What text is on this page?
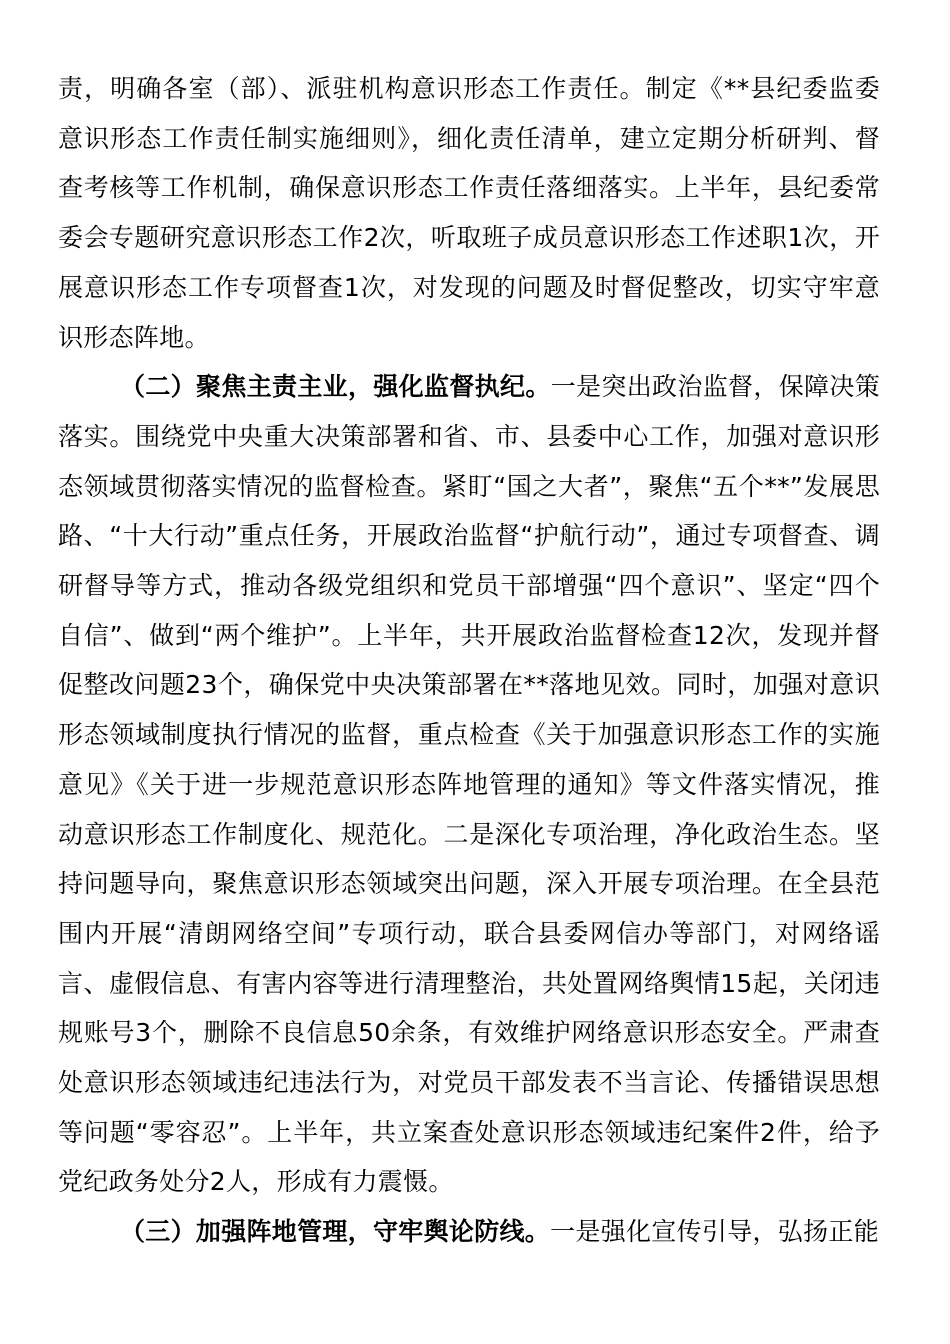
责，明确各室（部）、派驻机构意识形态工作责任。制定《**县纪委监委意识形态工作责任制实施细则》，细化责任清单，建立定期分析研判、督查考核等工作机制，确保意识形态工作责任落细落实。上半年，县纪委常委会专题研究意识形态工作2次，听取班子成员意识形态工作述职1次，开展意识形态工作专项督查1次，对发现的问题及时督促整改，切实守牢意识形态阵地。

（二）聚焦主责主业，强化监督执纪。一是突出政治监督，保障决策落实。围绕党中央重大决策部署和省、市、县委中心工作，加强对意识形态领域贯彻落实情况的监督检查。紧盯“国之大者”，聚焦“五个**”发展思路、“十大行动”重点任务，开展政治监督“护航行动”，通过专项督查、调研督导等方式，推动各级党组织和党员干部增强“四个意识”、坚定“四个自信”、做到“两个维护”。上半年，共开展政治监督检查12次，发现并督促整改问题23个，确保党中央决策部署在**落地见效。同时，加强对意识形态领域制度执行情况的监督，重点检查《关于加强意识形态工作的实施意见》《关于进一步规范意识形态阵地管理的通知》等文件落实情况，推动意识形态工作制度化、规范化。二是深化专项治理，净化政治生态。坚持问题导向，聚焦意识形态领域突出问题，深入开展专项治理。在全县范围内开展“清朗网络空间”专项行动，联合县委网信办等部门，对网络谣言、虚假信息、有害内容等进行清理整治，共处置网络舆情15起，关闭违规账号3个，删除不良信息50余条，有效维护网络意识形态安全。严肃查处意识形态领域违纪违法行为，对党员干部发表不当言论、传播错误思想等问题“零容忍”。上半年，共立案查处意识形态领域违纪案件2件，给予党纪政务处分2人，形成有力震慑。

（三）加强阵地管理，守牢舆论防线。一是强化宣传引导，弘扬正能
